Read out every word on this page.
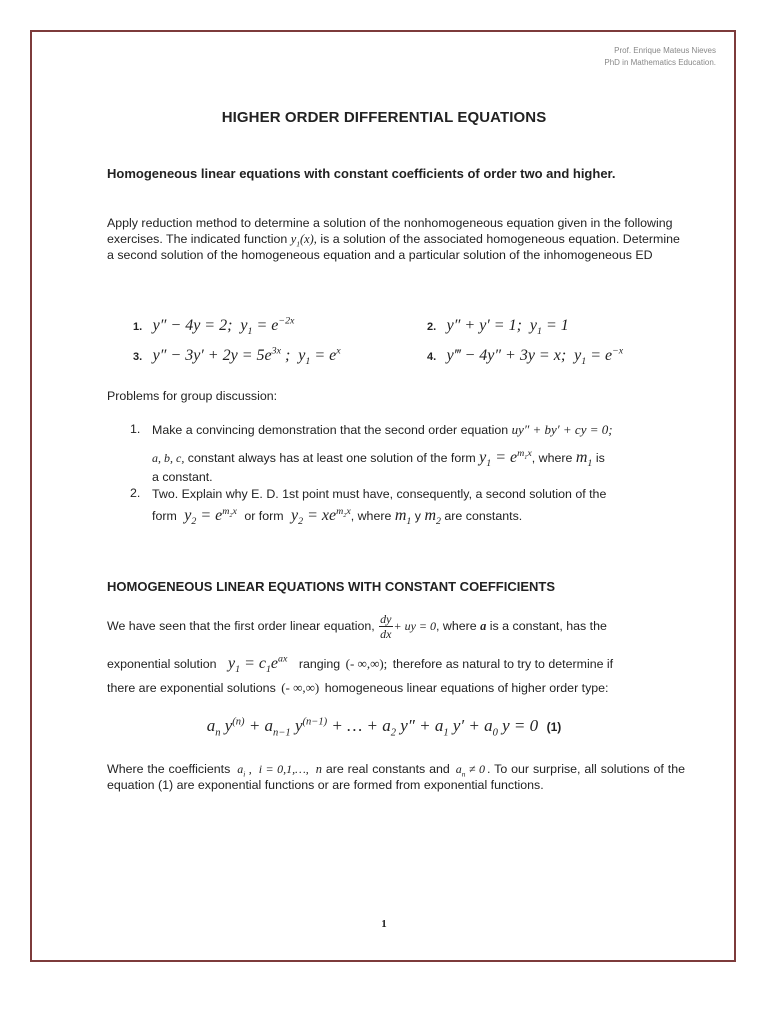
Prof. Enrique Mateus Nieves
PhD in Mathematics Education.
HIGHER ORDER DIFFERENTIAL EQUATIONS
Homogeneous linear equations with constant coefficients of order two and higher.
Apply reduction method to determine a solution of the nonhomogeneous equation given in the following exercises. The indicated function $y_1(x)$, is a solution of the associated homogeneous equation. Determine a second solution of the homogeneous equation and a particular solution of the inhomogeneous ED
1. y″ − 4y = 2;  $y_1 = e^{-2x}$	2. y″ + y′ = 1;  $y_1 = 1$
3. $y'' - 3y' + 2y = 5e^{3x}$ ;  $y_1 = e^x$	4. y‴ − 4y″ + 3y = x;  $y_1 = e^{-x}$
Problems for group discussion:
1. Make a convincing demonstration that the second order equation uy″ + by′ + cy = 0;
a, b, c, constant always has at least one solution of the form $y_1 = e^{m_1x}$, where $m_1$ is
a constant.
2. Two. Explain why E. D. 1st point must have, consequently, a second solution of the
form $y_2 = e^{m_2x}$ or form $y_2 = xe^{m_2x}$, where $m_1$ y $m_2$ are constants.
HOMOGENEOUS LINEAR EQUATIONS WITH CONSTANT COEFFICIENTS
We have seen that the first order linear equation, $\frac{dy}{dx}$ + uy = 0, where a is a constant, has the
exponential solution $y_1 = c_1e^{ax}$ ranging (- ∞,∞); therefore as natural to try to determine if
there are exponential solutions (- ∞,∞) homogeneous linear equations of higher order type:
$a_n$ $y^{(n)} + a_{n-1}$ $y^{(n-1)}$ + … + $a_2$ $y'' + a_1$ $y' + a_0$ y = 0 (1)
Where the coefficients $a_i$ ,  i = 0,1,…, n are real constants and $a_n \ne 0$ . To our surprise, all solutions of the equation (1) are exponential functions or are formed from exponential functions.
1
